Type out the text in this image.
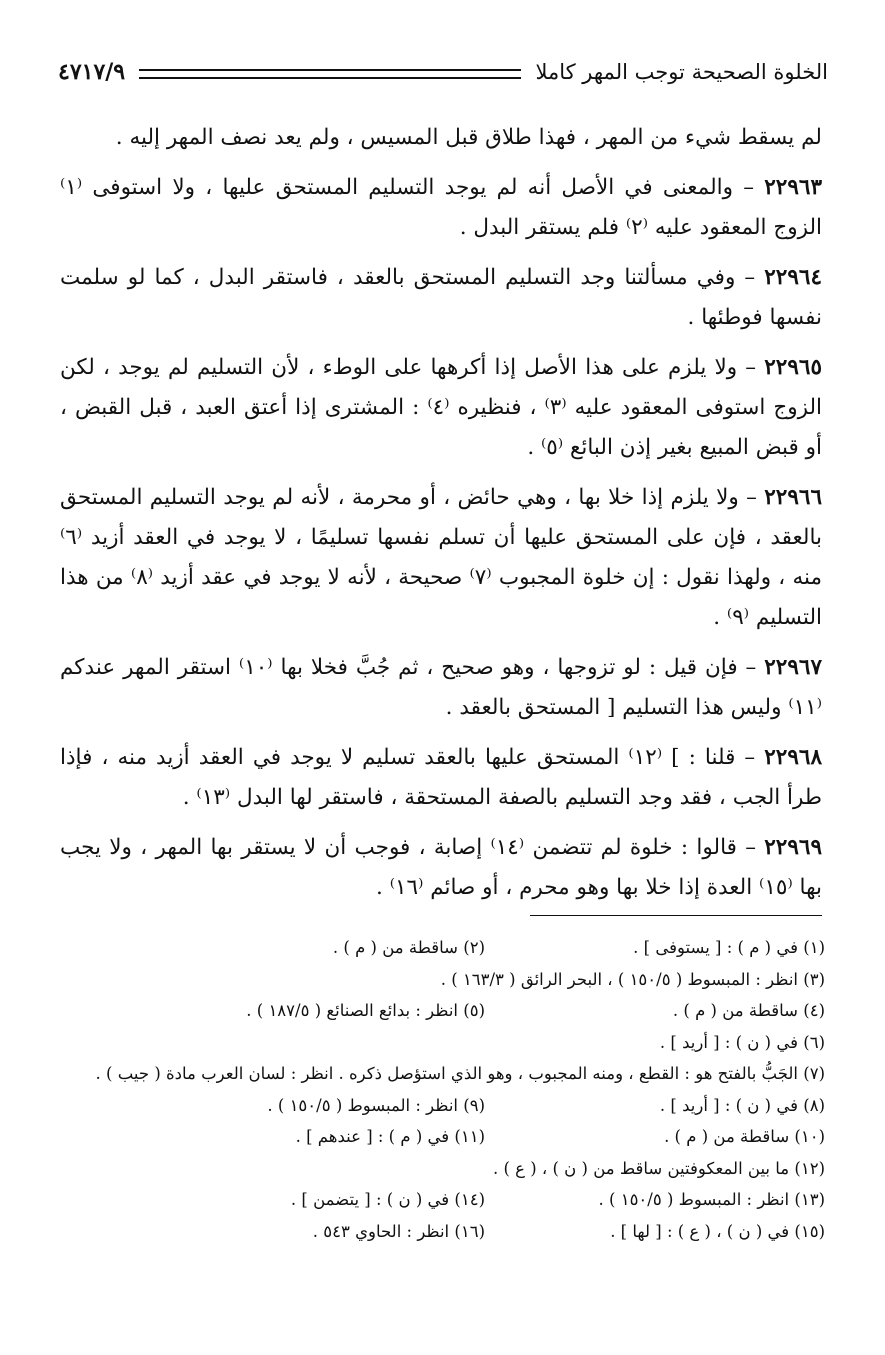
الخلوة الصحيحة توجب المهر كاملا
٤٧١٧/٩

لم يسقط شيء من المهر ، فهذا طلاق قبل المسيس ، ولم يعد نصف المهر إليه .

٢٢٩٦٣ – والمعنى في الأصل أنه لم يوجد التسليم المستحق عليها ، ولا استوفى ⁽١⁾ الزوج المعقود عليه ⁽٢⁾ فلم يستقر البدل .

٢٢٩٦٤ – وفي مسألتنا وجد التسليم المستحق بالعقد ، فاستقر البدل ، كما لو سلمت نفسها فوطئها .

٢٢٩٦٥ – ولا يلزم على هذا الأصل إذا أكرهها على الوطء ، لأن التسليم لم يوجد ، لكن الزوج استوفى المعقود عليه ⁽٣⁾ ، فنظيره ⁽٤⁾ : المشترى إذا أعتق العبد ، قبل القبض ، أو قبض المبيع بغير إذن البائع ⁽٥⁾ .

٢٢٩٦٦ – ولا يلزم إذا خلا بها ، وهي حائض ، أو محرمة ، لأنه لم يوجد التسليم المستحق بالعقد ، فإن على المستحق عليها أن تسلم نفسها تسليمًا ، لا يوجد في العقد أزيد ⁽٦⁾ منه ، ولهذا نقول : إن خلوة المجبوب ⁽٧⁾ صحيحة ، لأنه لا يوجد في عقد أزيد ⁽٨⁾ من هذا التسليم ⁽٩⁾ .

٢٢٩٦٧ – فإن قيل : لو تزوجها ، وهو صحيح ، ثم جُبَّ فخلا بها ⁽١٠⁾ استقر المهر عندكم ⁽١١⁾ وليس هذا التسليم [ المستحق بالعقد .

٢٢٩٦٨ – قلنا : ] ⁽١٢⁾ المستحق عليها بالعقد تسليم لا يوجد في العقد أزيد منه ، فإذا طرأ الجب ، فقد وجد التسليم بالصفة المستحقة ، فاستقر لها البدل ⁽١٣⁾ .

٢٢٩٦٩ – قالوا : خلوة لم تتضمن ⁽١٤⁾ إصابة ، فوجب أن لا يستقر بها المهر ، ولا يجب بها ⁽١٥⁾ العدة إذا خلا بها وهو محرم ، أو صائم ⁽١٦⁾ .

(١) في ( م ) : [ يستوفى ] .
(٢) ساقطة من ( م ) .
(٣) انظر : المبسوط ( ١٥٠/٥ ) ، البحر الرائق ( ١٦٣/٣ ) .
(٤) ساقطة من ( م ) .
(٥) انظر : بدائع الصنائع ( ١٨٧/٥ ) .
(٦) في ( ن ) : [ أريد ] .
(٧) الجَبُّ بالفتح هو : القطع ، ومنه المجبوب ، وهو الذي استؤصل ذكره . انظر : لسان العرب مادة ( جيب ) .
(٨) في ( ن ) : [ أريد ] .
(٩) انظر : المبسوط ( ١٥٠/٥ ) .
(١٠) ساقطة من ( م ) .
(١١) في ( م ) : [ عندهم ] .
(١٢) ما بين المعكوفتين ساقط من ( ن ) ، ( ع ) .
(١٣) انظر : المبسوط ( ١٥٠/٥ ) .
(١٤) في ( ن ) : [ يتضمن ] .
(١٥) في ( ن ) ، ( ع ) : [ لها ] .
(١٦) انظر : الحاوي ٥٤٣ .
